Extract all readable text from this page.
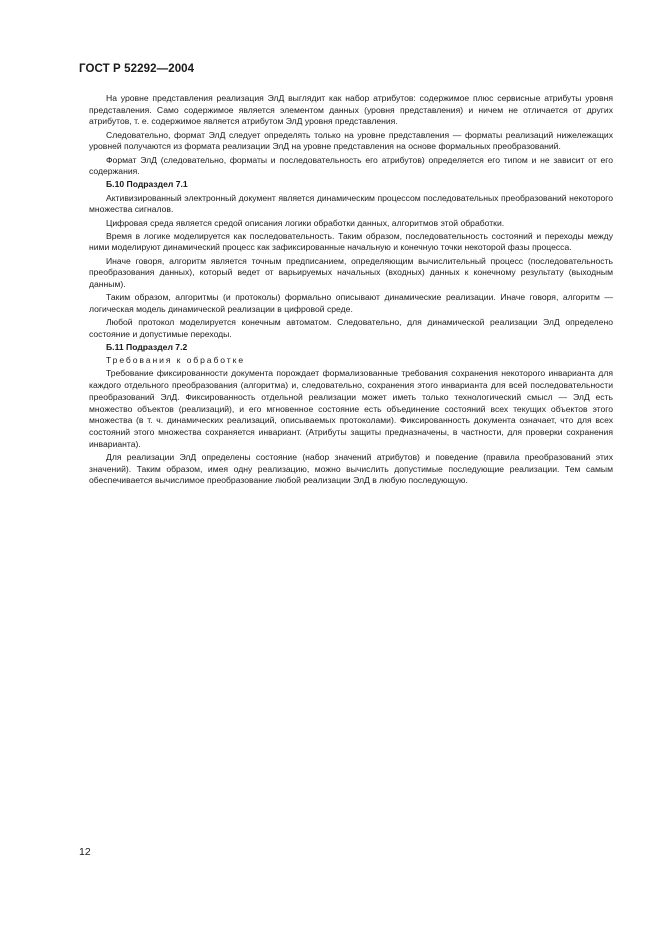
ГОСТ Р 52292—2004

На уровне представления реализация ЭлД выглядит как набор атрибутов: содержимое плюс сервисные атрибуты уровня представления. Само содержимое является элементом данных (уровня представления) и ничем не отличается от других атрибутов, т. е. содержимое является атрибутом ЭлД уровня представления.

Следовательно, формат ЭлД следует определять только на уровне представления — форматы реализаций нижележащих уровней получаются из формата реализации ЭлД на уровне представления на основе формальных преобразований.

Формат ЭлД (следовательно, форматы и последовательность его атрибутов) определяется его типом и не зависит от его содержания.

Б.10 Подраздел 7.1

Активизированный электронный документ является динамическим процессом последовательных преобразований некоторого множества сигналов.

Цифровая среда является средой описания логики обработки данных, алгоритмов этой обработки.

Время в логике моделируется как последовательность. Таким образом, последовательность состояний и переходы между ними моделируют динамический процесс как зафиксированные начальную и конечную точки некоторой фазы процесса.

Иначе говоря, алгоритм является точным предписанием, определяющим вычислительный процесс (последовательность преобразования данных), который ведет от варьируемых начальных (входных) данных к конечному результату (выходным данным).

Таким образом, алгоритмы (и протоколы) формально описывают динамические реализации. Иначе говоря, алгоритм — логическая модель динамической реализации в цифровой среде.

Любой протокол моделируется конечным автоматом. Следовательно, для динамической реализации ЭлД определено состояние и допустимые переходы.

Б.11 Подраздел 7.2

Требования к обработке

Требование фиксированности документа порождает формализованные требования сохранения некоторого инварианта для каждого отдельного преобразования (алгоритма) и, следовательно, сохранения этого инварианта для всей последовательности преобразований ЭлД. Фиксированность отдельной реализации может иметь только технологический смысл — ЭлД есть множество объектов (реализаций), и его мгновенное состояние есть объединение состояний всех текущих объектов этого множества (в т. ч. динамических реализаций, описываемых протоколами). Фиксированность документа означает, что для всех состояний этого множества сохраняется инвариант. (Атрибуты защиты предназначены, в частности, для проверки сохранения инварианта).

Для реализации ЭлД определены состояние (набор значений атрибутов) и поведение (правила преобразований этих значений). Таким образом, имея одну реализацию, можно вычислить допустимые последующие реализации. Тем самым обеспечивается вычислимое преобразование любой реализации ЭлД в любую последующую.

12
